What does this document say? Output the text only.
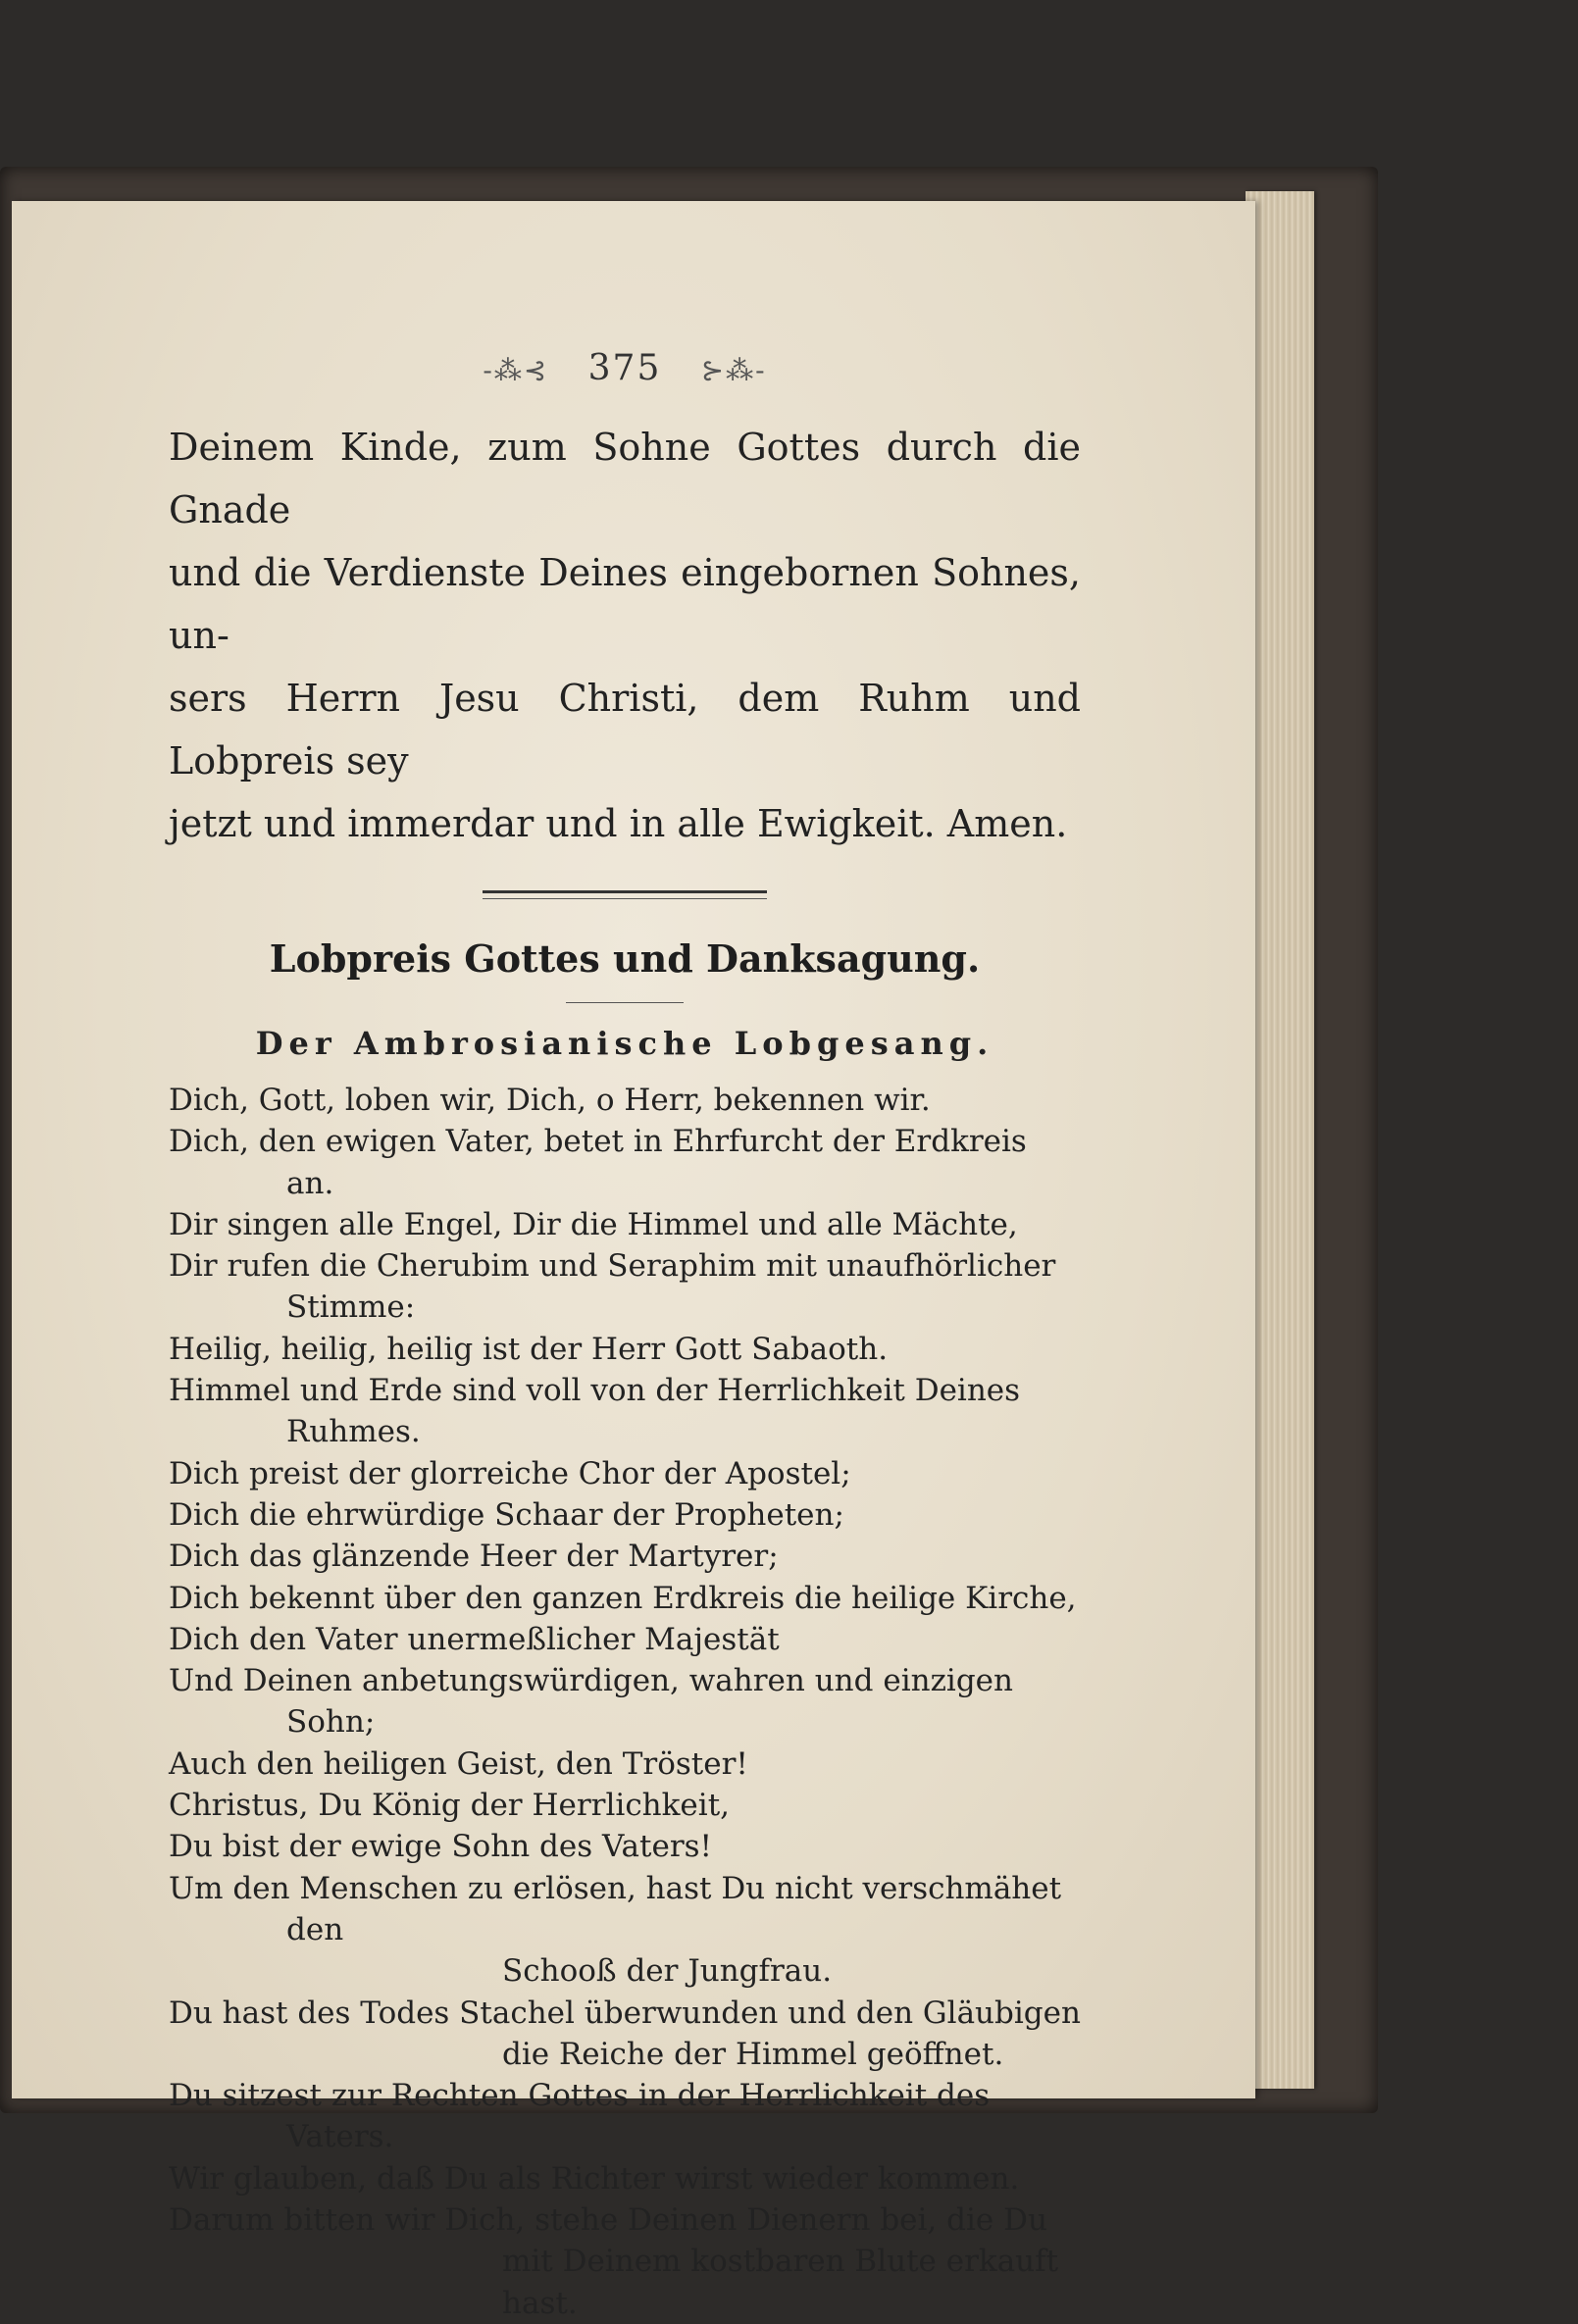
-⁂⊰ 375 ⊱⁂-

Deinem Kinde, zum Sohne Gottes durch die Gnade

und die Verdienste Deines eingebornen Sohnes, un-

sers Herrn Jesu Christi, dem Ruhm und Lobpreis sey

jetzt und immerdar und in alle Ewigkeit. Amen.

Lobpreis Gottes und Danksagung.
Der Ambrosianische Lobgesang.
Dich, Gott, loben wir, Dich, o Herr, bekennen wir.
Dich, den ewigen Vater, betet in Ehrfurcht der Erdkreis an.
Dir singen alle Engel, Dir die Himmel und alle Mächte,
Dir rufen die Cherubim und Seraphim mit unaufhörlicher Stimme:
Heilig, heilig, heilig ist der Herr Gott Sabaoth.
Himmel und Erde sind voll von der Herrlichkeit Deines Ruhmes.
Dich preist der glorreiche Chor der Apostel;
Dich die ehrwürdige Schaar der Propheten;
Dich das glänzende Heer der Martyrer;
Dich bekennt über den ganzen Erdkreis die heilige Kirche,
Dich den Vater unermeßlicher Majestät
Und Deinen anbetungswürdigen, wahren und einzigen Sohn;
Auch den heiligen Geist, den Tröster!
Christus, Du König der Herrlichkeit,
Du bist der ewige Sohn des Vaters!
Um den Menschen zu erlösen, hast Du nicht verschmähet den
Schooß der Jungfrau.
Du hast des Todes Stachel überwunden und den Gläubigen
die Reiche der Himmel geöffnet.
Du sitzest zur Rechten Gottes in der Herrlichkeit des Vaters.
Wir glauben, daß Du als Richter wirst wieder kommen.
Darum bitten wir Dich, stehe Deinen Dienern bei, die Du
mit Deinem kostbaren Blute erkauft hast.
